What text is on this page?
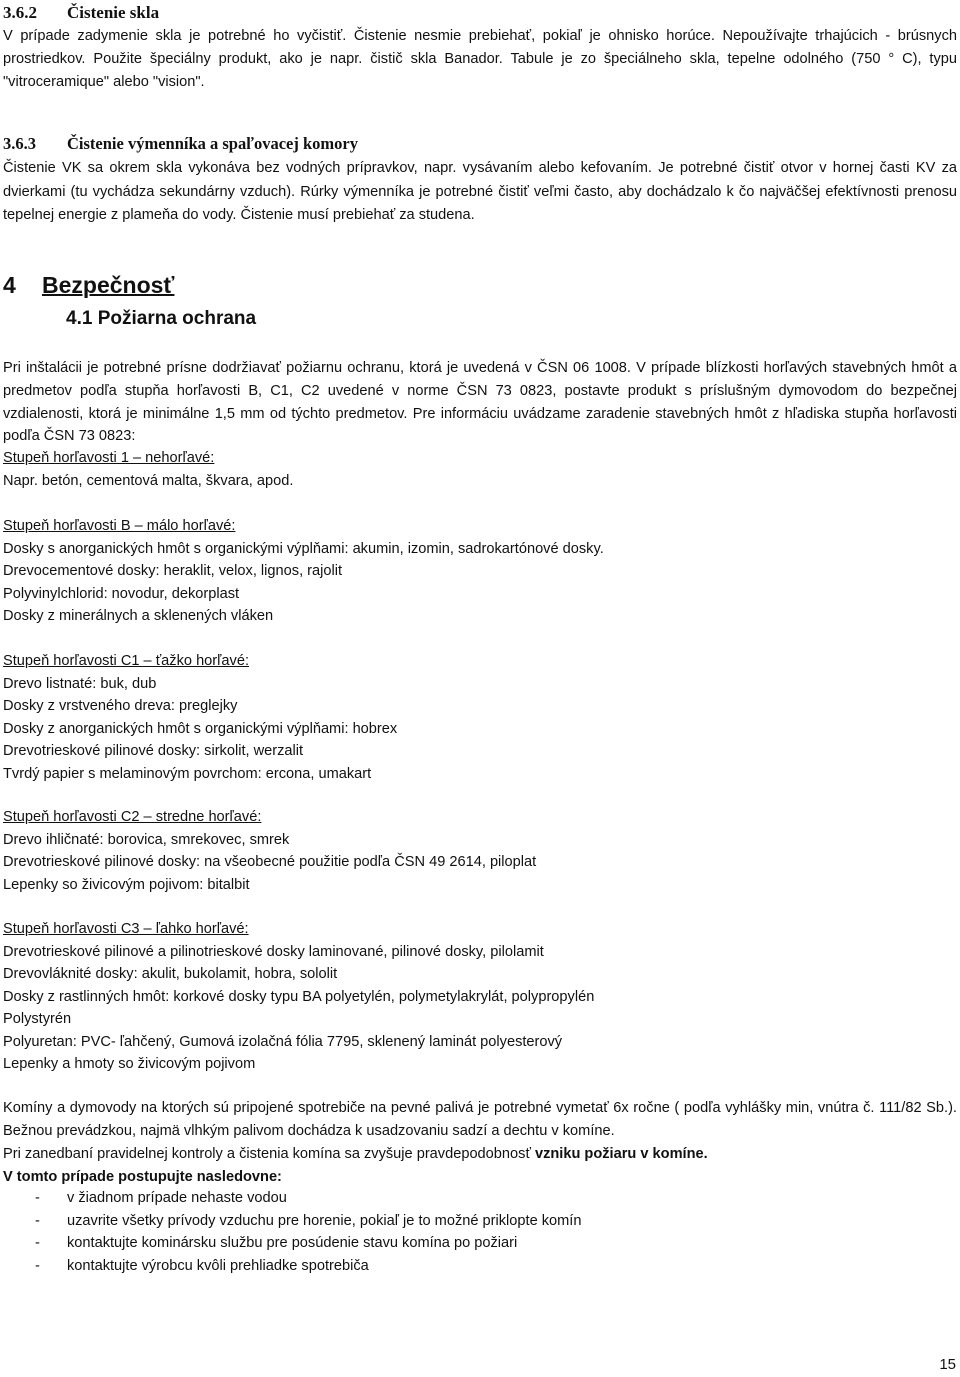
3.6.2 Čistenie skla

V prípade zadymenie skla je potrebné ho vyčistiť. Čistenie nesmie prebiehať, pokiaľ je ohnisko horúce. Nepoužívajte trhajúcich - brúsnych prostriedkov. Použite špeciálny produkt, ako je napr. čistič skla Banador. Tabule je zo špeciálneho skla, tepelne odolného (750 ° C), typu "vitroceramique" alebo "vision".

3.6.3 Čistenie výmenníka a spaľovacej komory

Čistenie VK sa okrem skla vykonáva bez vodných prípravkov, napr. vysávaním alebo kefovaním. Je potrebné čistiť otvor v hornej časti KV za dvierkami (tu vychádza sekundárny vzduch). Rúrky výmenníka je potrebné čistiť veľmi často, aby dochádzalo k čo najväčšej efektívnosti prenosu tepelnej energie z plameňa do vody. Čistenie musí prebiehať za studena.

4 Bezpečnosť
4.1 Požiarna ochrana

Pri inštalácii je potrebné prísne dodržiavať požiarnu ochranu, ktorá je uvedená v ČSN 06 1008. V prípade blízkosti horľavých stavebných hmôt a predmetov podľa stupňa horľavosti B, C1, C2 uvedené v norme ČSN 73 0823, postavte produkt s príslušným dymovodom do bezpečnej vzdialenosti, ktorá je minimálne 1,5 mm od týchto predmetov. Pre informáciu uvádzame zaradenie stavebných hmôt z hľadiska stupňa horľavosti podľa ČSN 73 0823:

Stupeň horľavosti 1 – nehorľavé:
Napr. betón, cementová malta, škvara, apod.
Stupeň horľavosti B – málo horľavé:
Dosky s anorganických hmôt s organickými výplňami: akumin, izomin, sadrokartónové dosky.
Drevocementové dosky: heraklit, velox, lignos, rajolit
Polyvinylchlorid: novodur, dekorplast
Dosky z minerálnych a sklenených vláken
Stupeň horľavosti C1 – ťažko horľavé:
Drevo listnaté: buk, dub
Dosky z vrstveného dreva: preglejky
Dosky z anorganických hmôt s organickými výplňami: hobrex
Drevotrieskové pilinové dosky: sirkolit, werzalit
Tvrdý papier s melaminovým povrchom: ercona, umakart
Stupeň horľavosti C2 – stredne horľavé:
Drevo ihličnaté: borovica, smrekovec, smrek
Drevotrieskové pilinové dosky: na všeobecné použitie podľa ČSN 49 2614, piloplat
Lepenky so živicovým pojivom: bitalbit
Stupeň horľavosti C3 – ľahko horľavé:
Drevotrieskové pilinové a pilinotrieskové dosky laminované, pilinové dosky, pilolamit
Drevovláknité dosky: akulit, bukolamit, hobra, sololit
Dosky z rastlinných hmôt: korkové dosky typu BA polyetylén, polymetylakrylát, polypropylén
Polystyrén
Polyuretan: PVC- ľahčený, Gumová izolačná fólia 7795, sklenený laminát polyesterový
Lepenky a hmoty so živicovým pojivom

Komíny a dymovody na ktorých sú pripojené spotrebiče na pevné palivá je potrebné vymetať 6x ročne ( podľa vyhlášky min, vnútra č. 111/82 Sb.). Bežnou prevádzkou, najmä vlhkým palivom dochádza k usadzovaniu sadzí a dechtu v komíne.

Pri zanedbaní pravidelnej kontroly a čistenia komína sa zvyšuje pravdepodobnosť vzniku požiaru v komíne.

V tomto prípade postupujte nasledovne:

- v žiadnom prípade nehaste vodou
- uzavrite všetky prívody vzduchu pre horenie, pokiaľ je to možné priklopte komín
- kontaktujte kominársku službu pre posúdenie stavu komína po požiari
- kontaktujte výrobcu kvôli prehliadke spotrebiča
15
